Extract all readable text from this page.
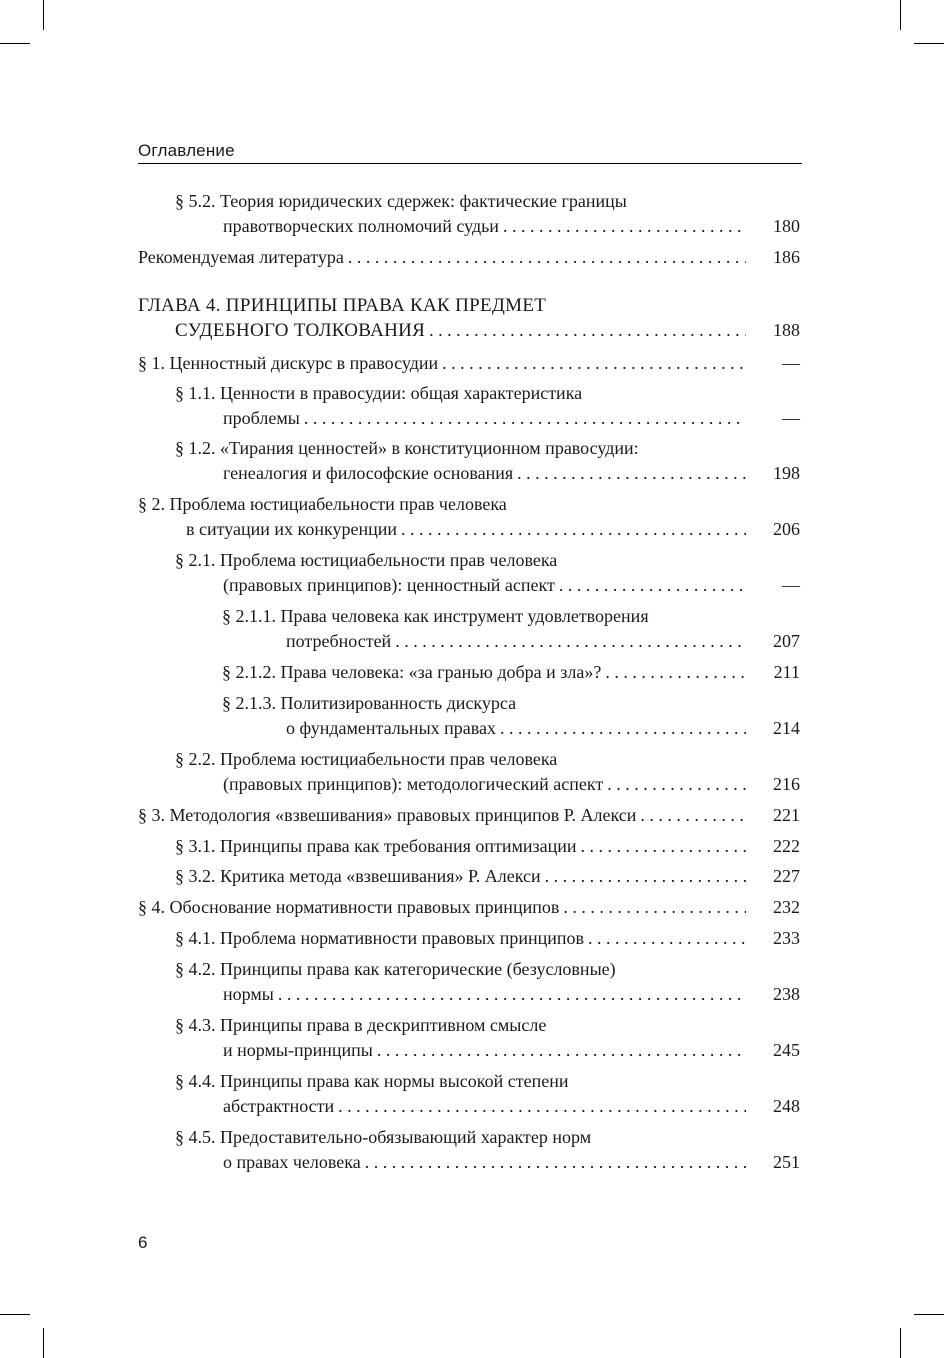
Оглавление
§ 5.2. Теория юридических сдержек: фактические границы
правотворческих полномочий судьи . . .	180
Рекомендуемая литература . . .	186
ГЛАВА 4. ПРИНЦИПЫ ПРАВА КАК ПРЕДМЕТ
СУДЕБНОГО ТОЛКОВАНИЯ . . .	188
§ 1. Ценностный дискурс в правосудии . . .	—
§ 1.1. Ценности в правосудии: общая характеристика
проблемы . . .	—
§ 1.2. «Тирания ценностей» в конституционном правосудии:
генеалогия и философские основания . . .	198
§ 2. Проблема юстициабельности прав человека
в ситуации их конкуренции . . .	206
§ 2.1. Проблема юстициабельности прав человека
(правовых принципов): ценностный аспект . . .	—
§ 2.1.1. Права человека как инструмент удовлетворения
потребностей . . .	207
§ 2.1.2. Права человека: «за гранью добра и зла»? . . .	211
§ 2.1.3. Политизированность дискурса
о фундаментальных правах . . .	214
§ 2.2. Проблема юстициабельности прав человека
(правовых принципов): методологический аспект . . .	216
§ 3. Методология «взвешивания» правовых принципов Р. Алекси . . .	221
§ 3.1. Принципы права как требования оптимизации . . .	222
§ 3.2. Критика метода «взвешивания» Р. Алекси . . .	227
§ 4. Обоснование нормативности правовых принципов . . .	232
§ 4.1. Проблема нормативности правовых принципов . . .	233
§ 4.2. Принципы права как категорические (безусловные)
нормы . . .	238
§ 4.3. Принципы права в дескриптивном смысле
и нормы-принципы . . .	245
§ 4.4. Принципы права как нормы высокой степени
абстрактности . . .	248
§ 4.5. Предоставительно-обязывающий характер норм
о правах человека . . .	251
6
